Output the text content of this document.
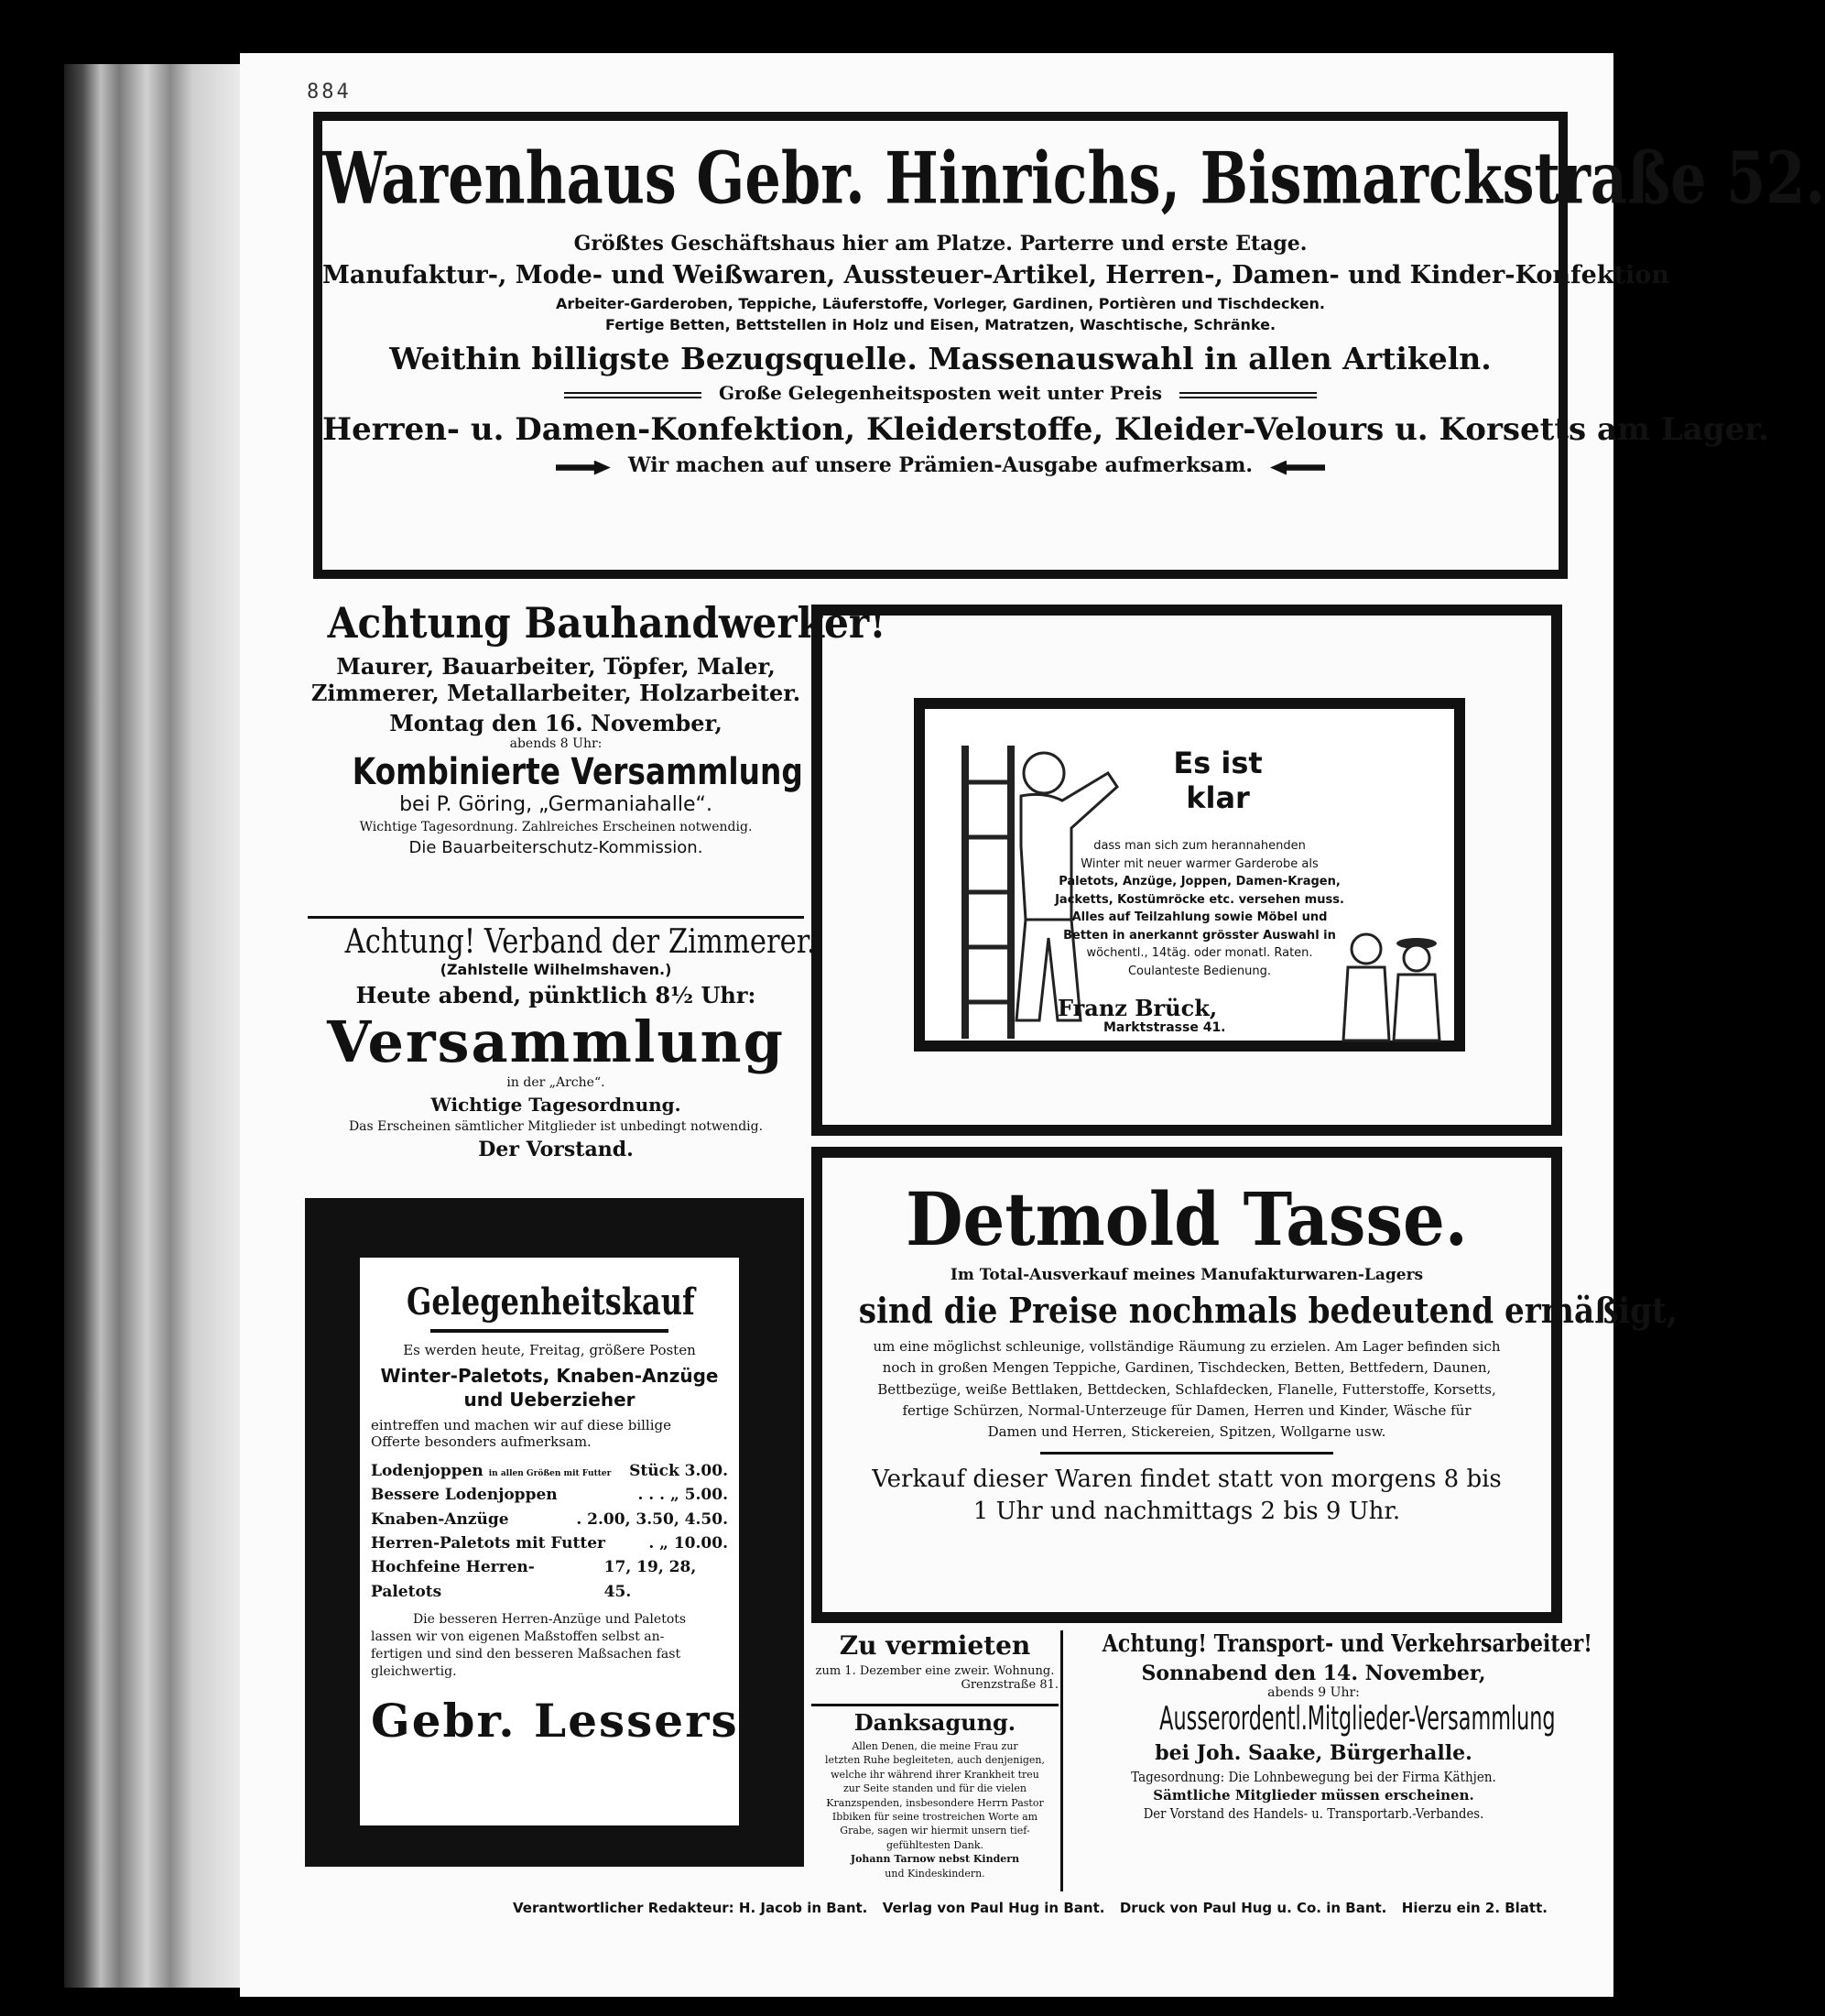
884
Warenhaus Gebr. Hinrichs, Bismarckstraße 52.
Größtes Geschäftshaus hier am Platze. Parterre und erste Etage.
Manufaktur-, Mode- und Weißwaren, Aussteuer-Artikel, Herren-, Damen- und Kinder-Konfektion
Arbeiter-Garderoben, Teppiche, Läuferstoffe, Vorleger, Gardinen, Portièren und Tischdecken.
Fertige Betten, Bettstellen in Holz und Eisen, Matratzen, Waschtische, Schränke.
Weithin billigste Bezugsquelle. Massenauswahl in allen Artikeln.
Große Gelegenheitsposten weit unter Preis
Herren- u. Damen-Konfektion, Kleiderstoffe, Kleider-Velours u. Korsetts am Lager.
Wir machen auf unsere Prämien-Ausgabe aufmerksam.
Achtung Bauhandwerker!
Maurer, Bauarbeiter, Töpfer, Maler,
Zimmerer, Metallarbeiter, Holzarbeiter.
Montag den 16. November,
abends 8 Uhr:
Kombinierte Versammlung
bei P. Göring, „Germaniahalle“.
Wichtige Tagesordnung. Zahlreiches Erscheinen notwendig.
Die Bauarbeiterschutz-Kommission.
Achtung! Verband der Zimmerer.
(Zahlstelle Wilhelmshaven.)
Heute abend, pünktlich 8½ Uhr:
Versammlung
in der „Arche“.
Wichtige Tagesordnung.
Das Erscheinen sämtlicher Mitglieder ist unbedingt notwendig.
Der Vorstand.
Es ist klar
dass man sich zum herannahenden
Winter mit neuer warmer Garderobe als
Paletots, Anzüge, Joppen, Damen-Kragen,
Jacketts, Kostümröcke etc. versehen muss.
Alles auf Teilzahlung sowie Möbel und
Betten in anerkannt grösster Auswahl in
wöchentl., 14täg. oder monatl. Raten.
Coulanteste Bedienung.
Franz Brück,
Marktstrasse 41.
Gelegenheitskauf
Es werden heute, Freitag, größere Posten
Winter-Paletots, Knaben-Anzüge und Ueberzieher
eintreffen und machen wir auf diese billige
Offerte besonders aufmerksam.
Lodenjoppen in allen Größen mit Futter Stück 3.00.
Bessere Lodenjoppen	. . . „ 5.00.
Knaben-Anzüge	. 2.00, 3.50, 4.50.
Herren-Paletots mit Futter	. „ 10.00.
Hochfeine Herren-Paletots
17, 19, 28, 45.
Die besseren Herren-Anzüge und Paletots
lassen wir von eigenen Maßstoffen selbst an-
fertigen und sind den besseren Maßsachen fast
gleichwertig.
Gebr. Lessers.
Detmold Tasse.
Im Total-Ausverkauf meines Manufakturwaren-Lagers
sind die Preise nochmals bedeutend ermäßigt,
um eine möglichst schleunige, vollständige Räumung zu erzielen. Am Lager befinden sich
noch in großen Mengen Teppiche, Gardinen, Tischdecken, Betten, Bettfedern, Daunen,
Bettbezüge, weiße Bettlaken, Bettdecken, Schlafdecken, Flanelle, Futterstoffe, Korsetts,
fertige Schürzen, Normal-Unterzeuge für Damen, Herren und Kinder, Wäsche für
Damen und Herren, Stickereien, Spitzen, Wollgarne usw.
Verkauf dieser Waren findet statt von morgens 8 bis
1 Uhr und nachmittags 2 bis 9 Uhr.
Zu vermieten
zum 1. Dezember eine zweir. Wohnung.
Grenzstraße 81.
Danksagung.
Allen Denen, die meine Frau zur
letzten Ruhe begleiteten, auch denjenigen,
welche ihr während ihrer Krankheit treu
zur Seite standen und für die vielen
Kranzspenden, insbesondere Herrn Pastor
Ibbiken für seine trostreichen Worte am
Grabe, sagen wir hiermit unsern tief-
gefühltesten Dank.
Johann Tarnow nebst Kindern
und Kindeskindern.
Achtung! Transport- und Verkehrsarbeiter!
Sonnabend den 14. November,
abends 9 Uhr:
Ausserordentl.Mitglieder-Versammlung
bei Joh. Saake, Bürgerhalle.
Tagesordnung: Die Lohnbewegung bei der Firma Käthjen.
Sämtliche Mitglieder müssen erscheinen.
Der Vorstand des Handels- u. Transportarb.-Verbandes.
Verantwortlicher Redakteur: H. Jacob in Bant. Verlag von Paul Hug in Bant. Druck von Paul Hug u. Co. in Bant. Hierzu ein 2. Blatt.
